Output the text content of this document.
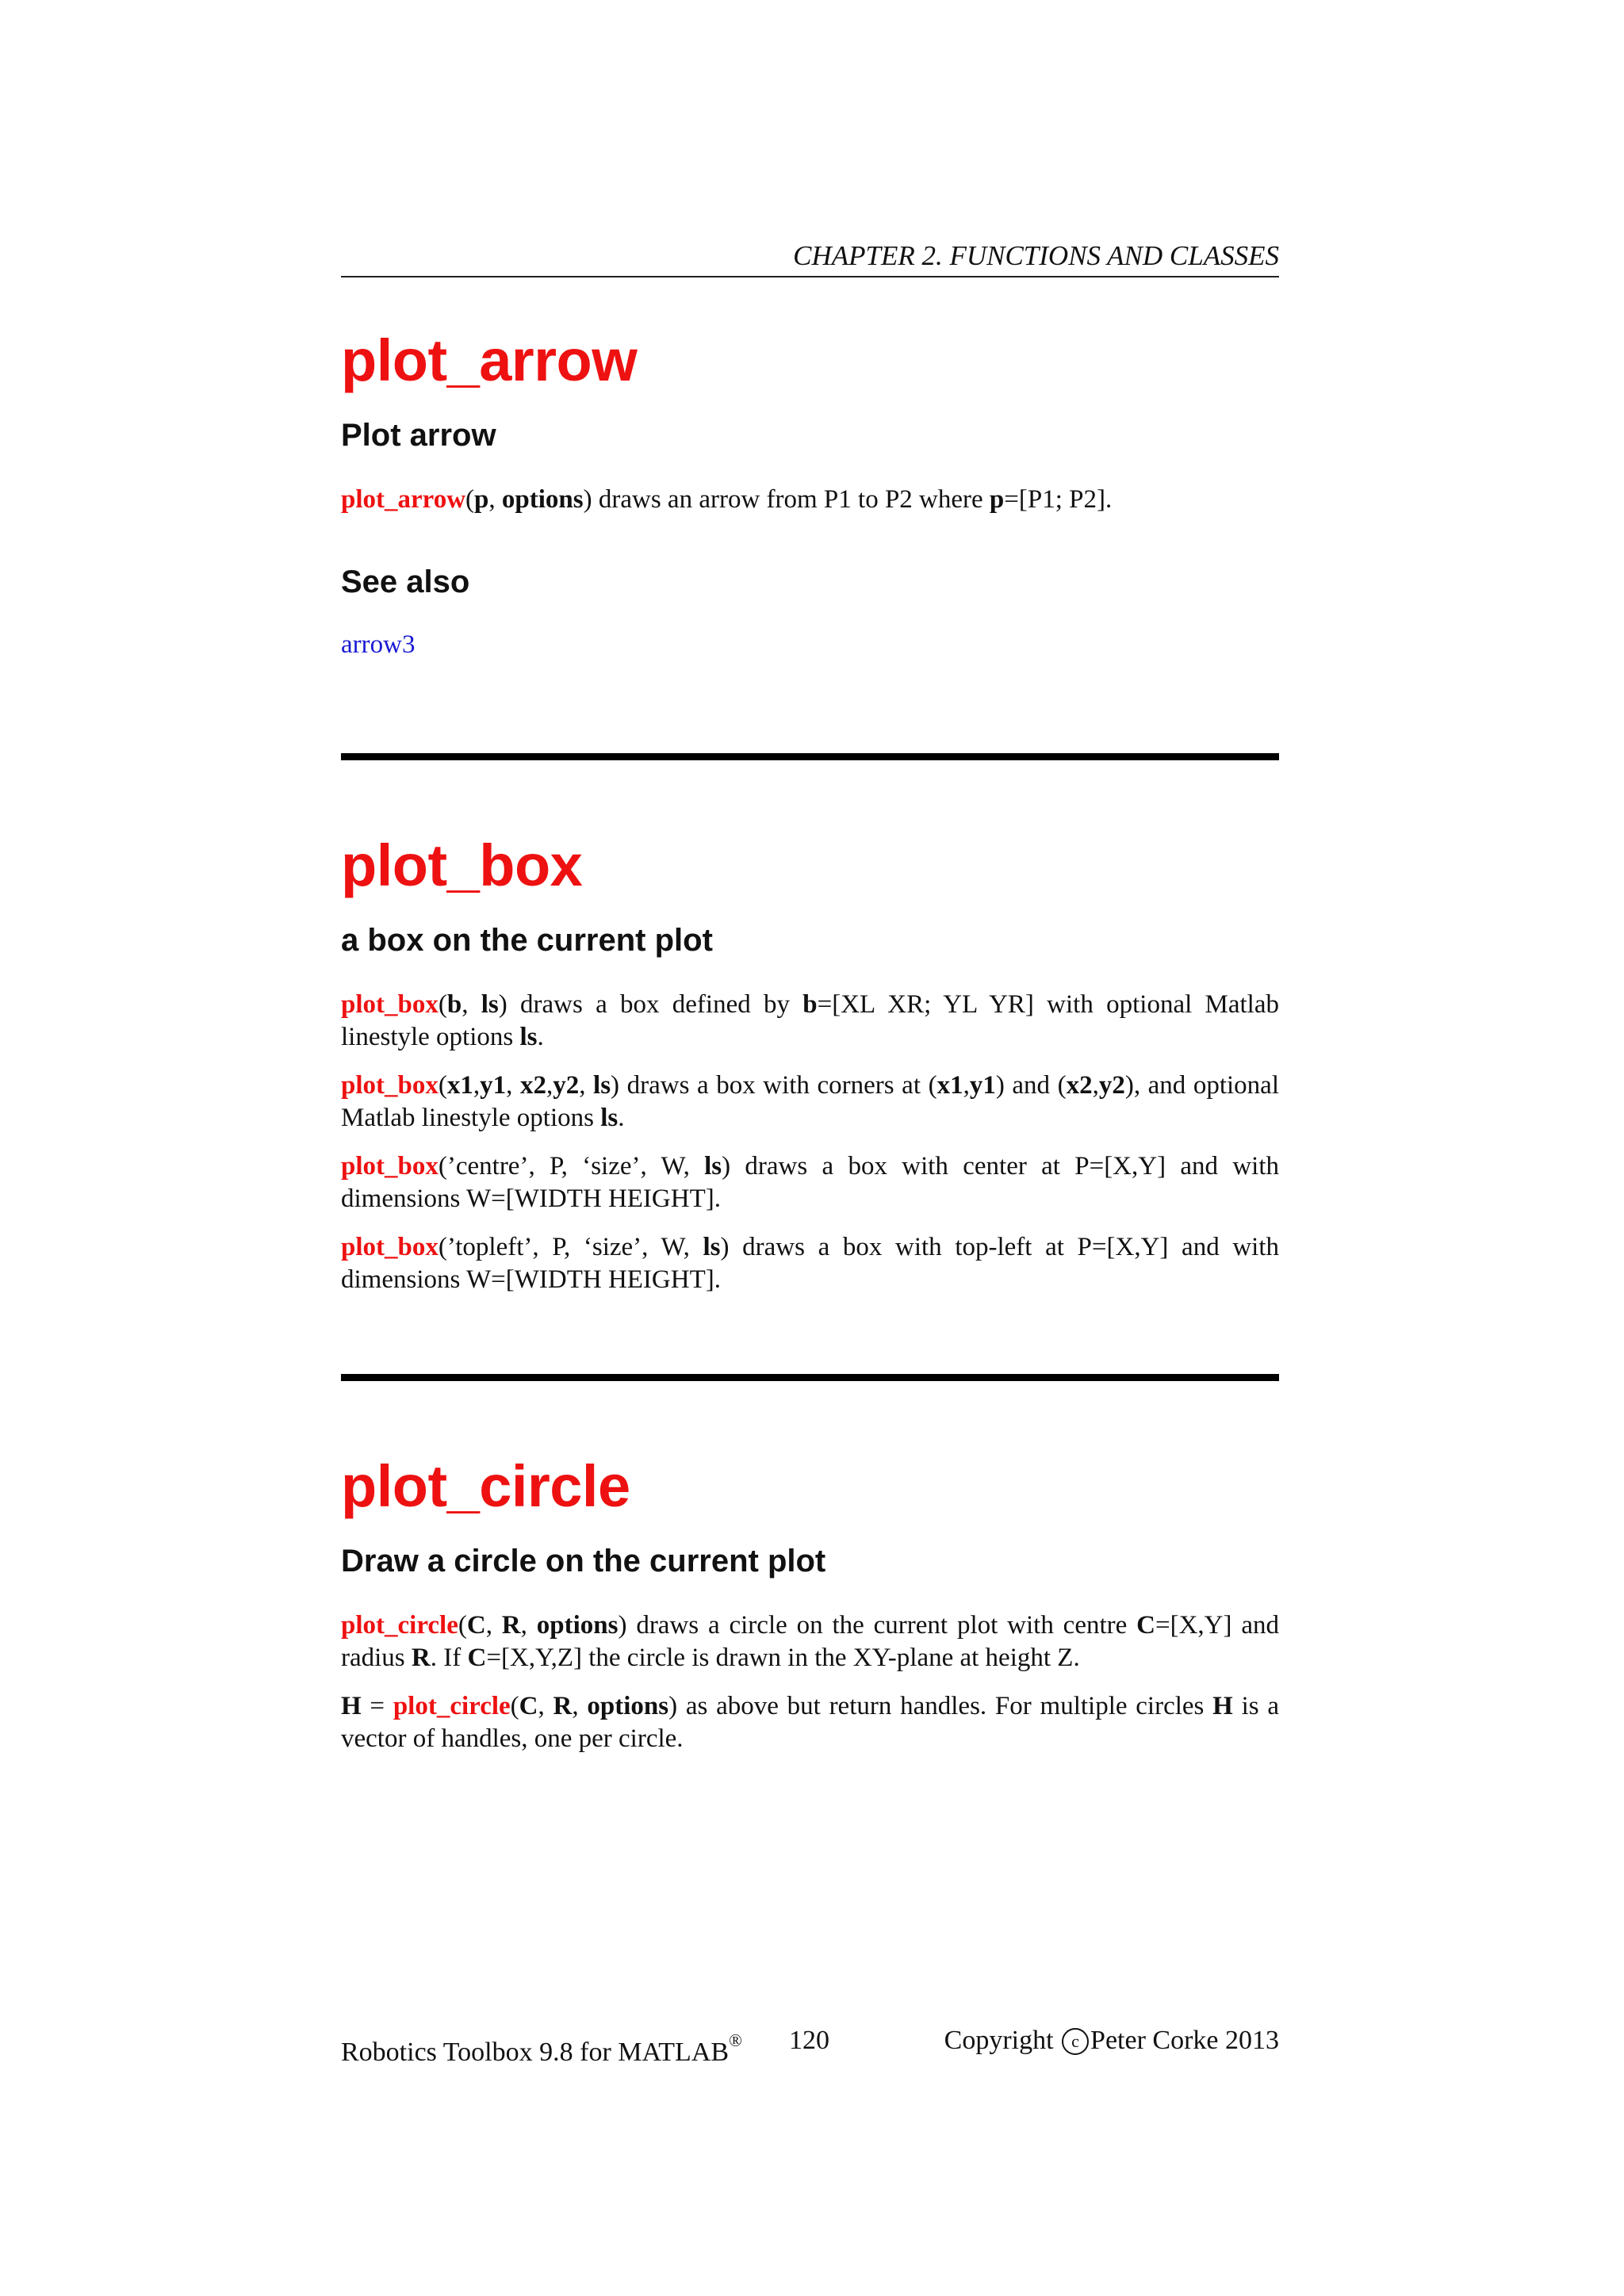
CHAPTER 2. FUNCTIONS AND CLASSES
plot_arrow
Plot arrow

plot_arrow(p, options) draws an arrow from P1 to P2 where p=[P1; P2].

See also
arrow3
plot_box
a box on the current plot

plot_box(b, ls) draws a box defined by b=[XL XR; YL YR] with optional Matlab linestyle options ls.

plot_box(x1,y1, x2,y2, ls) draws a box with corners at (x1,y1) and (x2,y2), and optional Matlab linestyle options ls.

plot_box(’centre’, P, ‘size’, W, ls) draws a box with center at P=[X,Y] and with dimensions W=[WIDTH HEIGHT].

plot_box(’topleft’, P, ‘size’, W, ls) draws a box with top-left at P=[X,Y] and with dimensions W=[WIDTH HEIGHT].

plot_circle
Draw a circle on the current plot

plot_circle(C, R, options) draws a circle on the current plot with centre C=[X,Y] and radius R. If C=[X,Y,Z] the circle is drawn in the XY-plane at height Z.

H = plot_circle(C, R, options) as above but return handles. For multiple circles H is a vector of handles, one per circle.

Robotics Toolbox 9.8 for MATLAB® 120	Copyright c Peter Corke 2013
